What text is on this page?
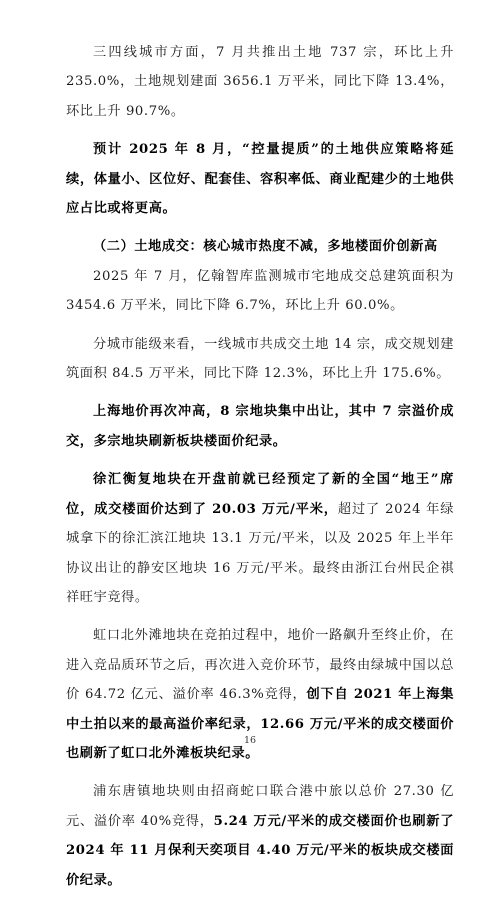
三四线城市方面，7 月共推出土地 737 宗，环比上升 235.0%，土地规划建面 3656.1 万平米，同比下降 13.4%，环比上升 90.7%。

预计 2025 年 8 月，“控量提质”的土地供应策略将延续，体量小、区位好、配套佳、容积率低、商业配建少的土地供应占比或将更高。

（二）土地成交：核心城市热度不减，多地楼面价创新高

2025 年 7 月，亿翰智库监测城市宅地成交总建筑面积为 3454.6 万平米，同比下降 6.7%，环比上升 60.0%。

分城市能级来看，一线城市共成交土地 14 宗，成交规划建筑面积 84.5 万平米，同比下降 12.3%，环比上升 175.6%。

上海地价再次冲高，8 宗地块集中出让，其中 7 宗溢价成交，多宗地块刷新板块楼面价纪录。

徐汇衡复地块在开盘前就已经预定了新的全国“地王”席位，成交楼面价达到了 20.03 万元/平米，超过了 2024 年绿城拿下的徐汇滨江地块 13.1 万元/平米，以及 2025 年上半年协议出让的静安区地块 16 万元/平米。最终由浙江台州民企祺祥旺宇竞得。

虹口北外滩地块在竞拍过程中，地价一路飙升至终止价，在进入竞品质环节之后，再次进入竞价环节，最终由绿城中国以总价 64.72 亿元、溢价率 46.3%竞得，创下自 2021 年上海集中土拍以来的最高溢价率纪录，12.66 万元/平米的成交楼面价也刷新了虹口北外滩板块纪录。

浦东唐镇地块则由招商蛇口联合港中旅以总价 27.30 亿元、溢价率 40%竞得，5.24 万元/平米的成交楼面价也刷新了 2024 年 11 月保利天奕项目 4.40 万元/平米的板块成交楼面价纪录。

16
